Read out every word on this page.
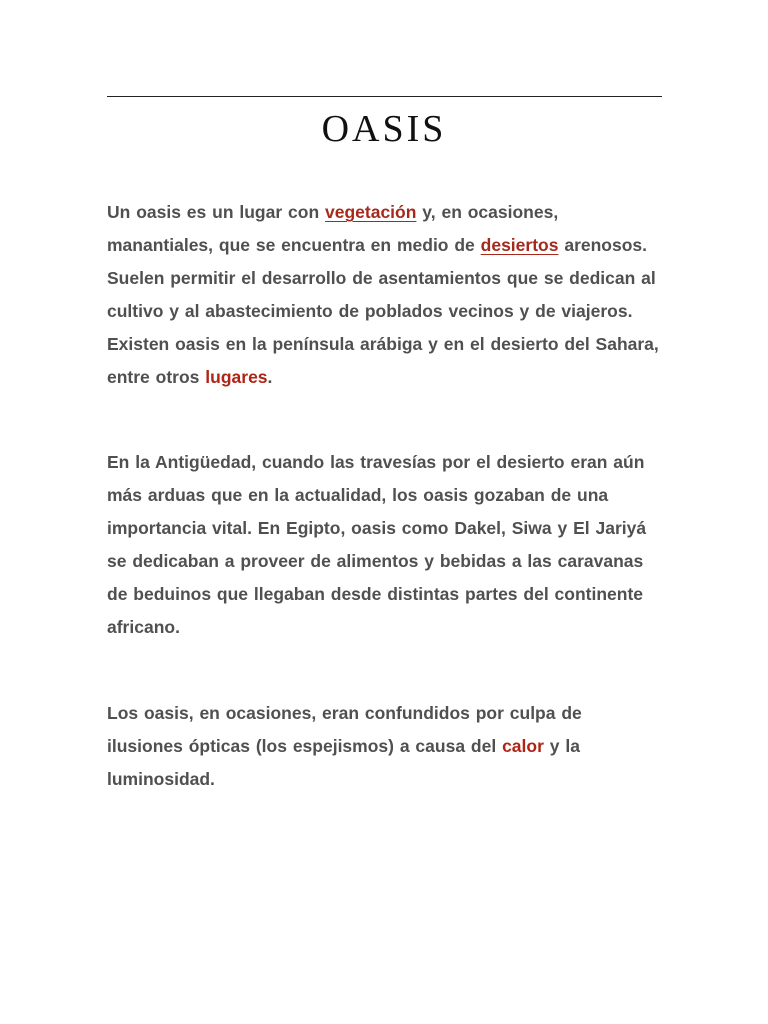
OASIS

Un oasis es un lugar con vegetación y, en ocasiones, manantiales, que se encuentra en medio de desiertos arenosos. Suelen permitir el desarrollo de asentamientos que se dedican al cultivo y al abastecimiento de poblados vecinos y de viajeros. Existen oasis en la península arábiga y en el desierto del Sahara, entre otros lugares.

En la Antigüedad, cuando las travesías por el desierto eran aún más arduas que en la actualidad, los oasis gozaban de una importancia vital. En Egipto, oasis como Dakel, Siwa y El Jariyá se dedicaban a proveer de alimentos y bebidas a las caravanas de beduinos que llegaban desde distintas partes del continente africano.

Los oasis, en ocasiones, eran confundidos por culpa de ilusiones ópticas (los espejismos) a causa del calor y la luminosidad.
